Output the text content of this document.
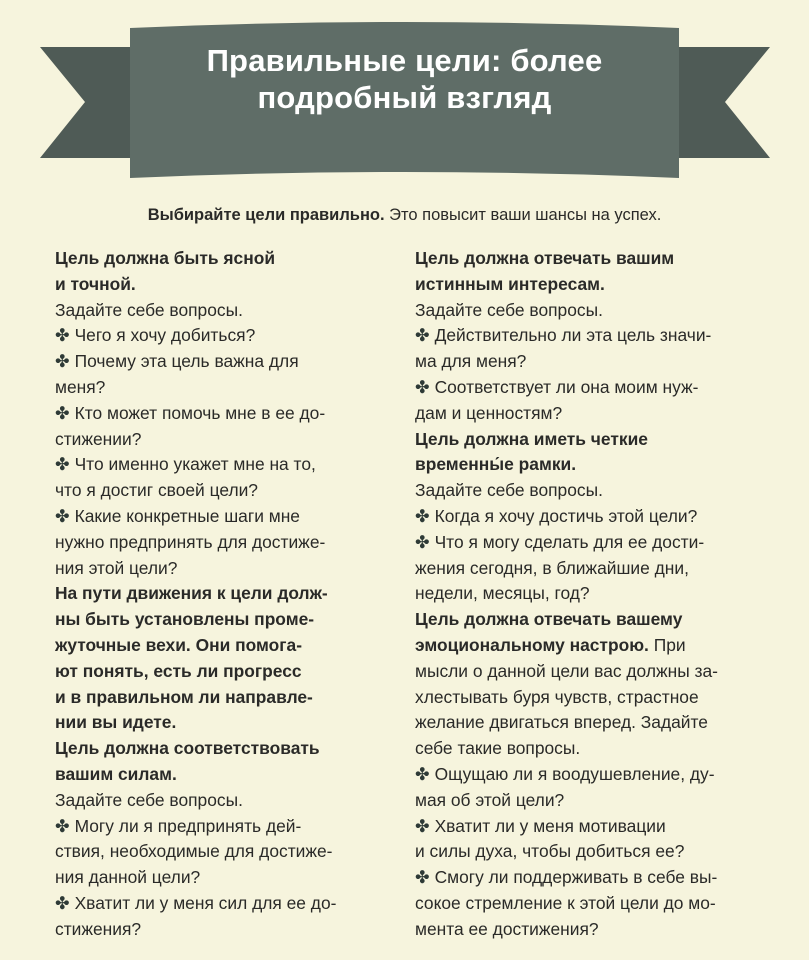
Правильные цели: более
подробный взгляд
Выбирайте цели правильно. Это повысит ваши шансы на успех.
Цель должна быть ясной
и точной.
Задайте себе вопросы.
✤ Чего я хочу добиться?
✤ Почему эта цель важна для
меня?
✤ Кто может помочь мне в ее до-
стижении?
✤ Что именно укажет мне на то,
что я достиг своей цели?
✤ Какие конкретные шаги мне
нужно предпринять для достиже-
ния этой цели?
На пути движения к цели долж-
ны быть установлены проме-
жуточные вехи. Они помога-
ют понять, есть ли прогресс
и в правильном ли направле-
нии вы идете.
Цель должна соответствовать
вашим силам.
Задайте себе вопросы.
✤ Могу ли я предпринять дей-
ствия, необходимые для достиже-
ния данной цели?
✤ Хватит ли у меня сил для ее до-
стижения?
Цель должна отвечать вашим
истинным интересам.
Задайте себе вопросы.
✤ Действительно ли эта цель значи-
ма для меня?
✤ Соответствует ли она моим нуж-
дам и ценностям?
Цель должна иметь четкие
временны́е рамки.
Задайте себе вопросы.
✤ Когда я хочу достичь этой цели?
✤ Что я могу сделать для ее дости-
жения сегодня, в ближайшие дни,
недели, месяцы, год?
Цель должна отвечать вашему
эмоциональному настрою. При
мысли о данной цели вас должны за-
хлестывать буря чувств, страстное
желание двигаться вперед. Задайте
себе такие вопросы.
✤ Ощущаю ли я воодушевление, ду-
мая об этой цели?
✤ Хватит ли у меня мотивации
и силы духа, чтобы добиться ее?
✤ Смогу ли поддерживать в себе вы-
сокое стремление к этой цели до мо-
мента ее достижения?
